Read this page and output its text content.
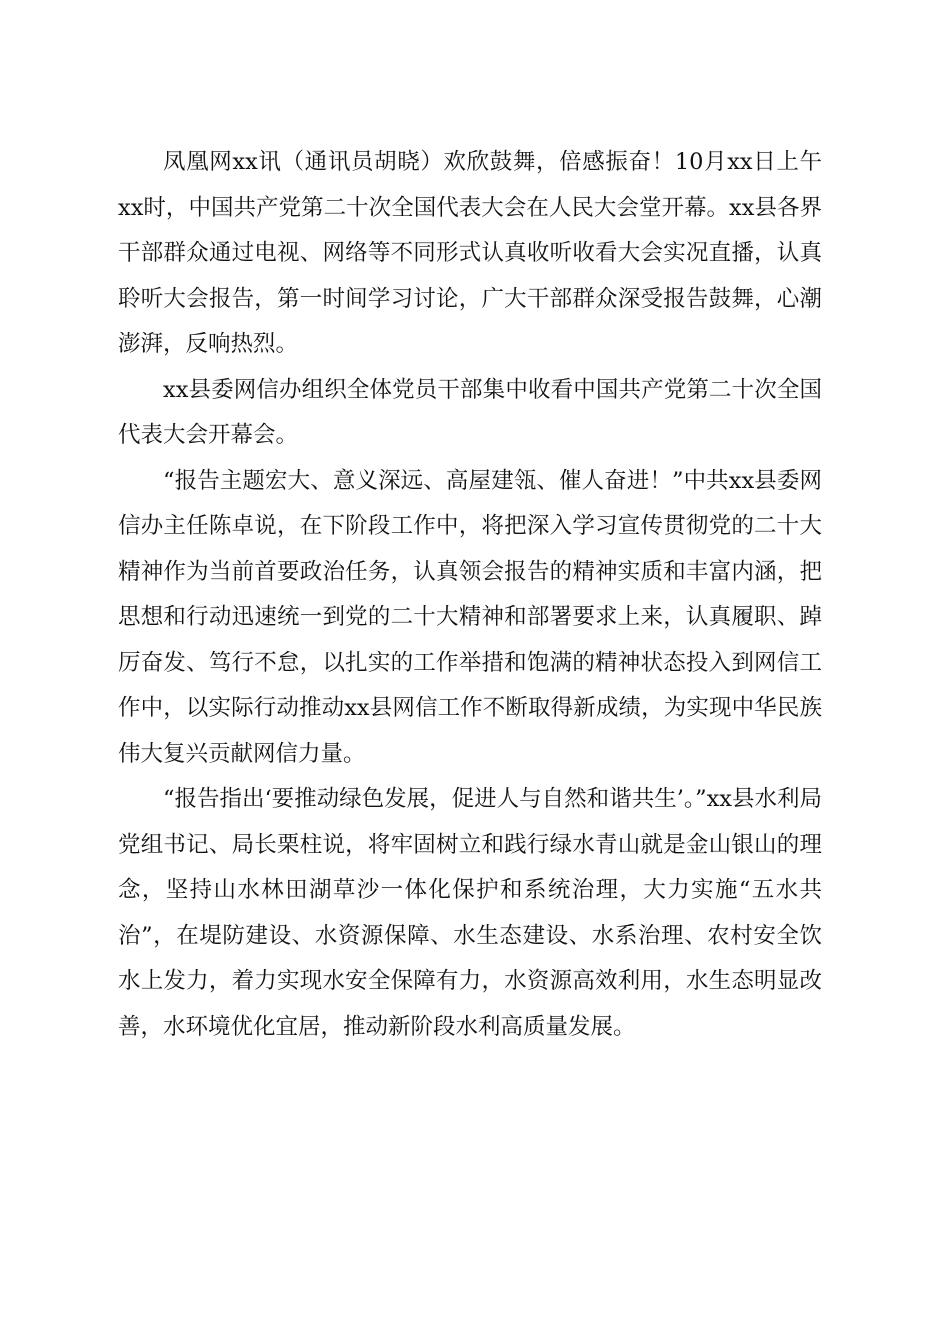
凤凰网xx讯（通讯员胡晓）欢欣鼓舞，倍感振奋！10月xx日上午xx时，中国共产党第二十次全国代表大会在人民大会堂开幕。xx县各界干部群众通过电视、网络等不同形式认真收听收看大会实况直播，认真聆听大会报告，第一时间学习讨论，广大干部群众深受报告鼓舞，心潮澎湃，反响热烈。

xx县委网信办组织全体党员干部集中收看中国共产党第二十次全国代表大会开幕会。

“报告主题宏大、意义深远、高屋建瓴、催人奋进！”中共xx县委网信办主任陈卓说，在下阶段工作中，将把深入学习宣传贯彻党的二十大精神作为当前首要政治任务，认真领会报告的精神实质和丰富内涵，把思想和行动迅速统一到党的二十大精神和部署要求上来，认真履职、踔厉奋发、笃行不怠，以扎实的工作举措和饱满的精神状态投入到网信工作中，以实际行动推动xx县网信工作不断取得新成绩，为实现中华民族伟大复兴贡献网信力量。

“报告指出‘要推动绿色发展，促进人与自然和谐共生’。”xx县水利局党组书记、局长栗柱说，将牢固树立和践行绿水青山就是金山银山的理念，坚持山水林田湖草沙一体化保护和系统治理，大力实施“五水共治”，在堤防建设、水资源保障、水生态建设、水系治理、农村安全饮水上发力，着力实现水安全保障有力，水资源高效利用，水生态明显改善，水环境优化宜居，推动新阶段水利高质量发展。
